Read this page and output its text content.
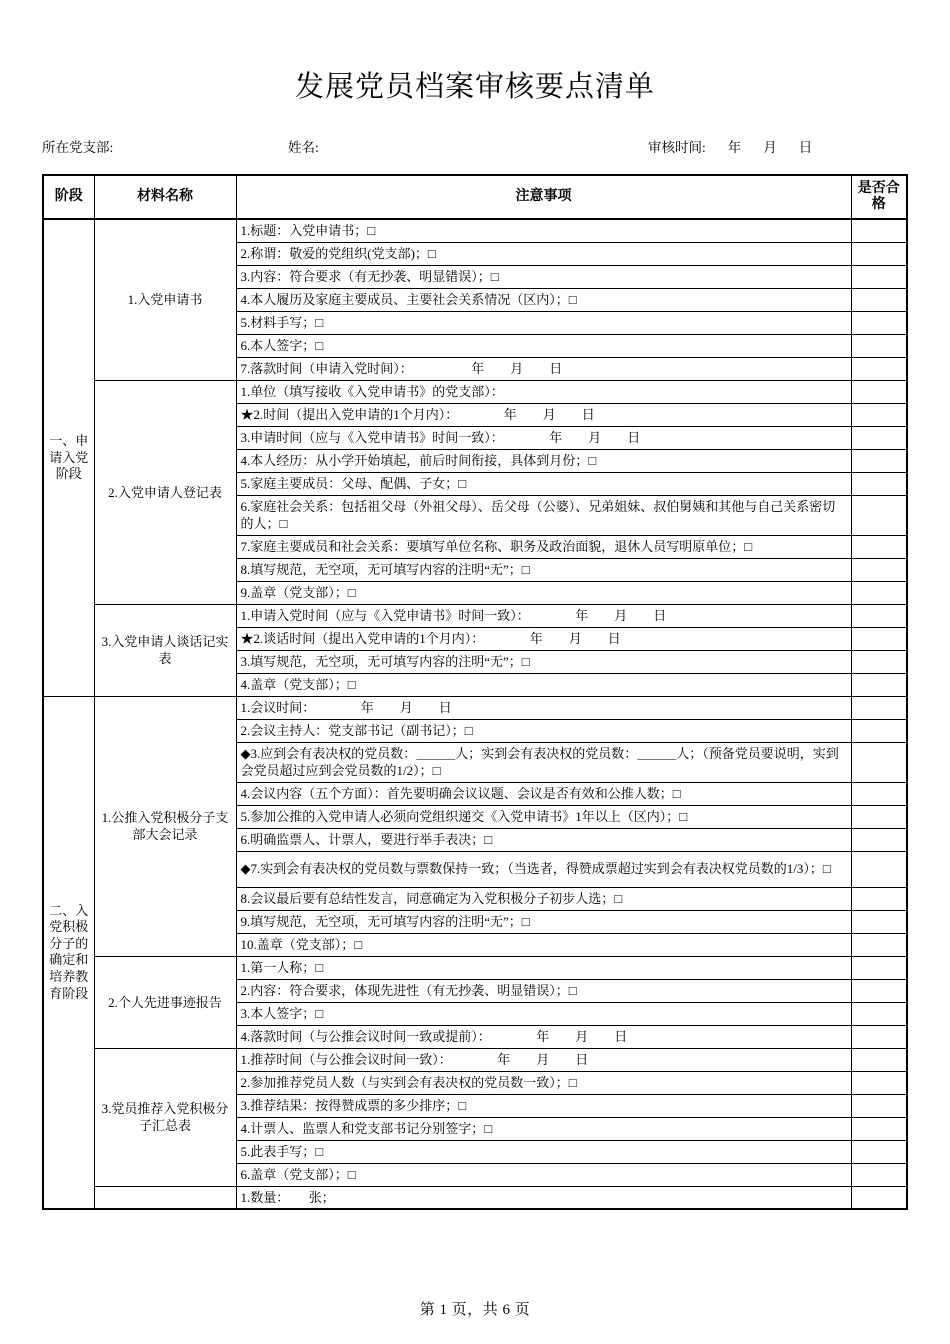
发展党员档案审核要点清单
所在党支部:	姓名:	审核时间: 年 月 日
阶段	材料名称	注意事项	是否合格
一、申请入党阶段	1.入党申请书	1.标题：入党申请书；□	
		2.称谓：敬爱的党组织(党支部)；□	
		3.内容：符合要求（有无抄袭、明显错误）；□	
		4.本人履历及家庭主要成员、主要社会关系情况（区内）；□	
		5.材料手写；□	
		6.本人签字；□	
		7.落款时间（申请入党时间）：　　　　　年　　月　　日	
	2.入党申请人登记表	1.单位（填写接收《入党申请书》的党支部）：	
		★2.时间（提出入党申请的1个月内）：　　　　年　　月　　日	
		3.申请时间（应与《入党申请书》时间一致）：　　　　年　　月　　日	
		4.本人经历：从小学开始填起，前后时间衔接，具体到月份；□	
		5.家庭主要成员：父母、配偶、子女；□	
		6.家庭社会关系：包括祖父母（外祖父母）、岳父母（公婆）、兄弟姐妹、叔伯舅姨和其他与自己关系密切的人；□	
		7.家庭主要成员和社会关系：要填写单位名称、职务及政治面貌，退休人员写明原单位；□	
		8.填写规范，无空项，无可填写内容的注明“无”；□	
		9.盖章（党支部）；□	
	3.入党申请人谈话记实表	1.申请入党时间（应与《入党申请书》时间一致）：　　　　年　　月　　日	
		★2.谈话时间（提出入党申请的1个月内）：　　　　年　　月　　日	
		3.填写规范，无空项，无可填写内容的注明“无”；□	
		4.盖章（党支部）；□	
二、入党积极分子的确定和培养教育阶段	1.公推入党积极分子支部大会记录	1.会议时间：　　　　年　　月　　日	
		2.会议主持人：党支部书记（副书记）；□	
		◆3.应到会有表决权的党员数：＿＿＿人；实到会有表决权的党员数：＿＿＿人；（预备党员要说明，实到会党员超过应到会党员数的1/2）；□	
		4.会议内容（五个方面）：首先要明确会议议题、会议是否有效和公推人数；□	
		5.参加公推的入党申请人必须向党组织递交《入党申请书》1年以上（区内）；□	
		6.明确监票人、计票人，要进行举手表决；□	
		◆7.实到会有表决权的党员数与票数保持一致；（当选者，得赞成票超过实到会有表决权党员数的1/3）；□	
		8.会议最后要有总结性发言，同意确定为入党积极分子初步人选；□	
		9.填写规范，无空项，无可填写内容的注明“无”；□	
		10.盖章（党支部）；□	
	2.个人先进事迹报告	1.第一人称；□	
		2.内容：符合要求，体现先进性（有无抄袭、明显错误）；□	
		3.本人签字；□	
		4.落款时间（与公推会议时间一致或提前）：　　　　年　　月　　日	
	3.党员推荐入党积极分子汇总表	1.推荐时间（与公推会议时间一致）：　　　　年　　月　　日	
		2.参加推荐党员人数（与实到会有表决权的党员数一致）；□	
		3.推荐结果：按得赞成票的多少排序；□	
		4.计票人、监票人和党支部书记分别签字；□	
		5.此表手写；□	
		6.盖章（党支部）；□	
		1.数量：　　张；	
第 1 页，共 6 页
